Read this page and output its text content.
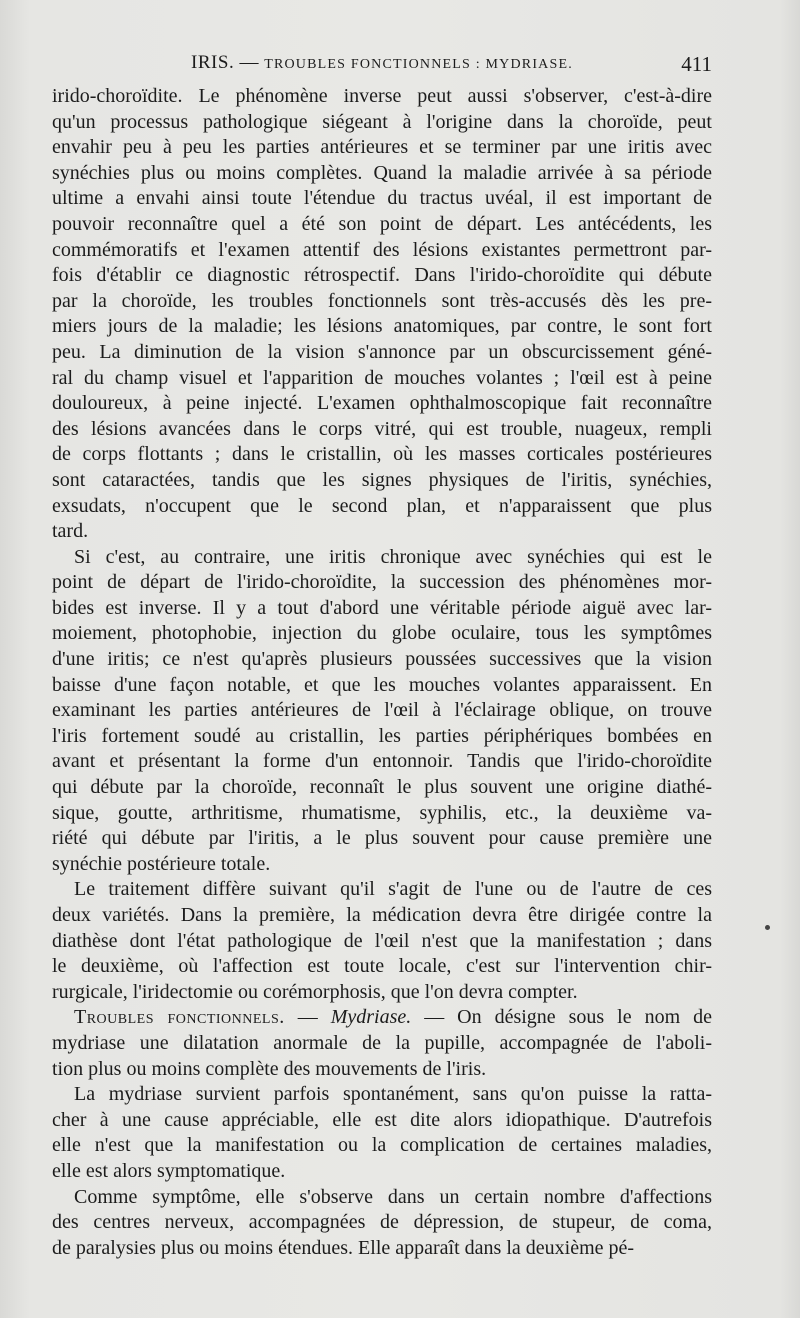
IRIS. — TROUBLES FONCTIONNELS : MYDRIASE.	411
irido-choroïdite. Le phénomène inverse peut aussi s'observer, c'est-à-dire
qu'un processus pathologique siégeant à l'origine dans la choroïde, peut
envahir peu à peu les parties antérieures et se terminer par une iritis avec
synéchies plus ou moins complètes. Quand la maladie arrivée à sa période
ultime a envahi ainsi toute l'étendue du tractus uvéal, il est important de
pouvoir reconnaître quel a été son point de départ. Les antécédents, les
commémoratifs et l'examen attentif des lésions existantes permettront par-
fois d'établir ce diagnostic rétrospectif. Dans l'irido-choroïdite qui débute
par la choroïde, les troubles fonctionnels sont très-accusés dès les pre-
miers jours de la maladie; les lésions anatomiques, par contre, le sont fort
peu. La diminution de la vision s'annonce par un obscurcissement géné-
ral du champ visuel et l'apparition de mouches volantes ; l'œil est à peine
douloureux, à peine injecté. L'examen ophthalmoscopique fait reconnaître
des lésions avancées dans le corps vitré, qui est trouble, nuageux, rempli
de corps flottants ; dans le cristallin, où les masses corticales postérieures
sont cataractées, tandis que les signes physiques de l'iritis, synéchies,
exsudats, n'occupent que le second plan, et n'apparaissent que plus
tard.
Si c'est, au contraire, une iritis chronique avec synéchies qui est le
point de départ de l'irido-choroïdite, la succession des phénomènes mor-
bides est inverse. Il y a tout d'abord une véritable période aiguë avec lar-
moiement, photophobie, injection du globe oculaire, tous les symptômes
d'une iritis; ce n'est qu'après plusieurs poussées successives que la vision
baisse d'une façon notable, et que les mouches volantes apparaissent. En
examinant les parties antérieures de l'œil à l'éclairage oblique, on trouve
l'iris fortement soudé au cristallin, les parties périphériques bombées en
avant et présentant la forme d'un entonnoir. Tandis que l'irido-choroïdite
qui débute par la choroïde, reconnaît le plus souvent une origine diathé-
sique, goutte, arthritisme, rhumatisme, syphilis, etc., la deuxième va-
riété qui débute par l'iritis, a le plus souvent pour cause première une
synéchie postérieure totale.
Le traitement diffère suivant qu'il s'agit de l'une ou de l'autre de ces
deux variétés. Dans la première, la médication devra être dirigée contre la
diathèse dont l'état pathologique de l'œil n'est que la manifestation ; dans
le deuxième, où l'affection est toute locale, c'est sur l'intervention chir-
rurgicale, l'iridectomie ou corémorphosis, que l'on devra compter.
Troubles fonctionnels. — Mydriase. — On désigne sous le nom de
mydriase une dilatation anormale de la pupille, accompagnée de l'aboli-
tion plus ou moins complète des mouvements de l'iris.
La mydriase survient parfois spontanément, sans qu'on puisse la ratta-
cher à une cause appréciable, elle est dite alors idiopathique. D'autrefois
elle n'est que la manifestation ou la complication de certaines maladies,
elle est alors symptomatique.
Comme symptôme, elle s'observe dans un certain nombre d'affections
des centres nerveux, accompagnées de dépression, de stupeur, de coma,
de paralysies plus ou moins étendues. Elle apparaît dans la deuxième pé-
